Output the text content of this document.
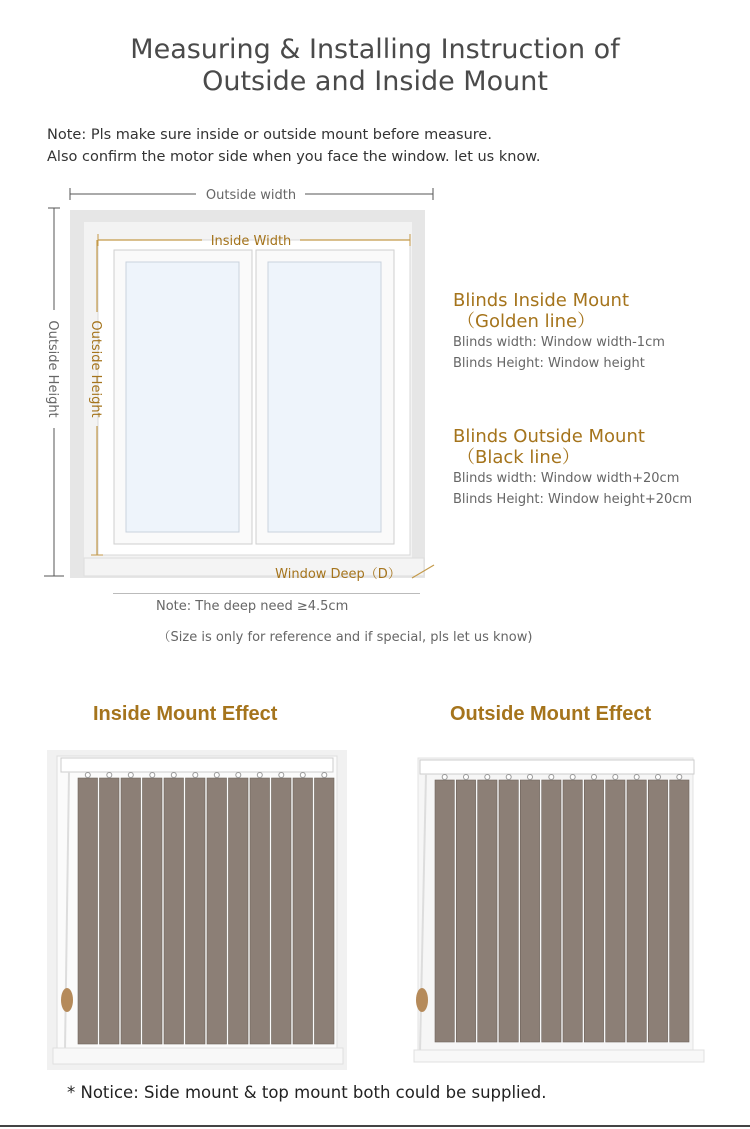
Measuring & Installing Instruction of
Outside and Inside Mount
Note: Pls make sure inside or outside mount before measure.
Also confirm the motor side when you face the window. let us know.
Outside width
Inside Width
Outside Height Outside Height
Window Deep（D）
Blinds Inside Mount
（Golden line）
Blinds width: Window width-1cm
Blinds Height: Window height
Blinds Outside Mount
（Black line）
Blinds width: Window width+20cm
Blinds Height: Window height+20cm
Note: The deep need ≥4.5cm
（Size is only for reference and if special, pls let us know)
Inside Mount Effect	Outside Mount Effect
* Notice: Side mount & top mount both could be supplied.
